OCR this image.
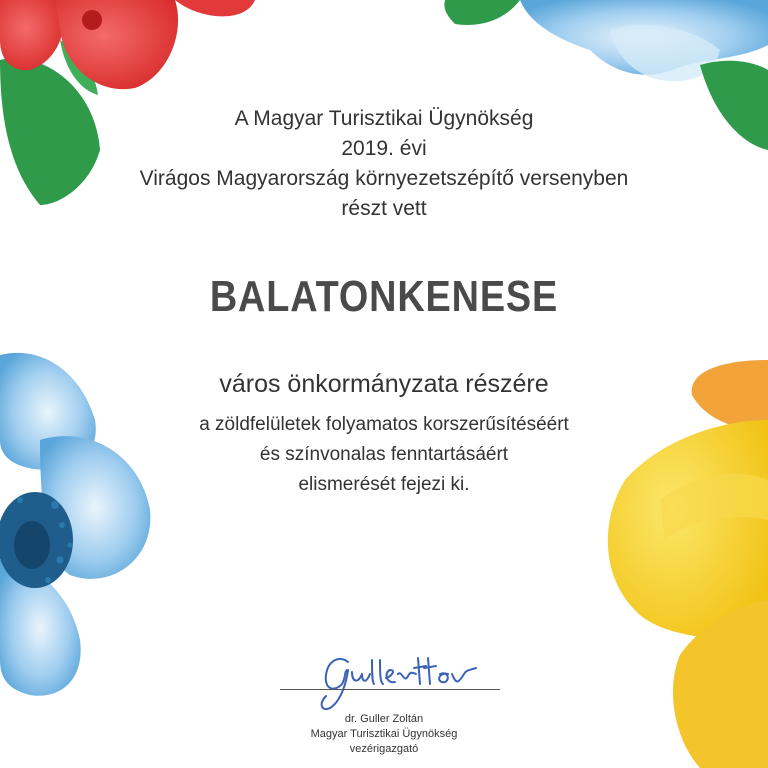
A Magyar Turisztikai Ügynökség
2019. évi
Virágos Magyarország környezetszépítő versenyben
részt vett
BALATONKENESE
város önkormányzata részére
a zöldfelületek folyamatos korszerűsítéséért
és színvonalas fenntartásáért
elismerését fejezi ki.
dr. Guller Zoltán
Magyar Turisztikai Ügynökség
vezérigazgató
